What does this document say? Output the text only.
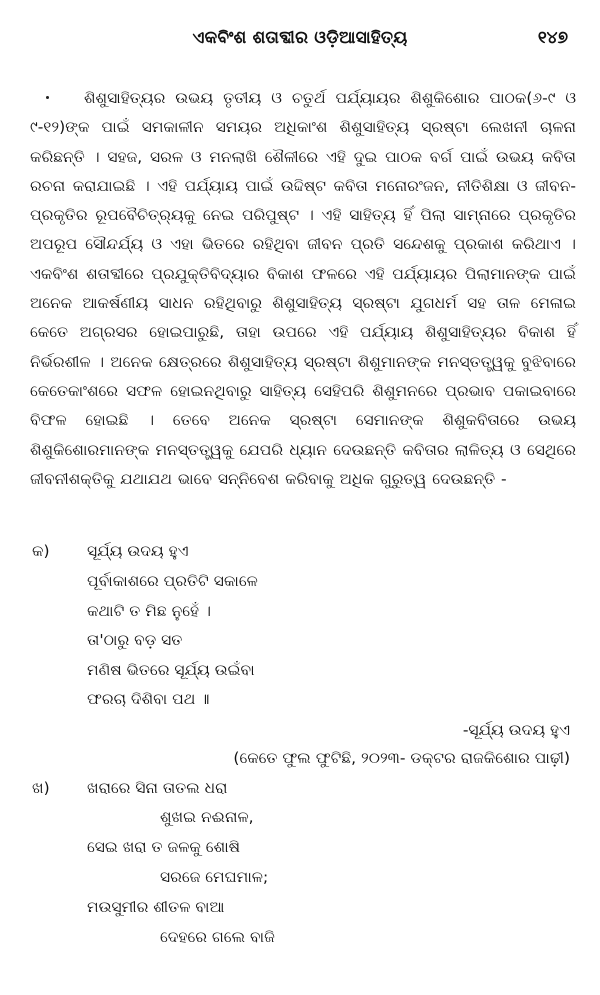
ଏକବିଂଶ ଶତାବ୍ଦୀର ଓଡ଼ିଆସାହିତ୍ୟ	୧୪୭

ଶିଶୁସାହିତ୍ୟର ଉଭୟ ତୃତୀୟ ଓ ଚତୁର୍ଥ ପର୍ଯ୍ୟାୟର ଶିଶୁକିଶୋର ପାଠକ(୬-୯ ଓ ୯-୧୨)ଙ୍କ ପାଇଁ ସମକାଳୀନ ସମୟର ଅଧିକାଂଶ ଶିଶୁସାହିତ୍ୟ ସ୍ରଷ୍ଟା ଲେଖନୀ ଚାଳନା କରିଛନ୍ତି । ସହଜ, ସରଳ ଓ ମନଲାଖି ଶୈଳୀରେ ଏହି ଦୁଇ ପାଠକ ବର୍ଗ ପାଇଁ ଉଭୟ କବିତା ରଚନା କରାଯାଇଛି । ଏହି ପର୍ଯ୍ୟାୟ ପାଇଁ ଉଦ୍ଦିଷ୍ଟ କବିତା ମନୋରଂଜନ, ନୀତିଶିକ୍ଷା ଓ ଜୀବନ-ପ୍ରକୃତିର ରୂପବୈଚିତ୍ର୍ୟକୁ ନେଇ ପରିପୁଷ୍ଟ । ଏହି ସାହିତ୍ୟ ହିଁ ପିଲା ସାମ୍ନାରେ ପ୍ରକୃତିର ଅପରୂପ ସୌନ୍ଦର୍ଯ୍ୟ ଓ ଏହା ଭିତରେ ରହିଥିବା ଜୀବନ ପ୍ରତି ସନ୍ଦେଶକୁ ପ୍ରକାଶ କରିଥାଏ । ଏକବିଂଶ ଶତାବ୍ଦୀରେ ପ୍ରଯୁକ୍ତିବିଦ୍ୟାର ବିକାଶ ଫଳରେ ଏହି ପର୍ଯ୍ୟାୟର ପିଲାମାନଙ୍କ ପାଇଁ ଅନେକ ଆକର୍ଷଣୀୟ ସାଧନ ରହିଥିବାରୁ ଶିଶୁସାହିତ୍ୟ ସ୍ରଷ୍ଟା ଯୁଗଧର୍ମ ସହ ତାଳ ମେଳାଇ କେତେ ଅଗ୍ରସର ହୋଇପାରୁଛି, ତାହା ଉପରେ ଏହି ପର୍ଯ୍ୟାୟ ଶିଶୁସାହିତ୍ୟର ବିକାଶ ହିଁ ନିର୍ଭରଶୀଳ । ଅନେକ କ୍ଷେତ୍ରରେ ଶିଶୁସାହିତ୍ୟ ସ୍ରଷ୍ଟା ଶିଶୁମାନଙ୍କ ମନସ୍ତତ୍ତ୍ୱକୁ ବୁଝିବାରେ କେତେକାଂଶରେ ସଫଳ ହୋଇନଥିବାରୁ ସାହିତ୍ୟ ସେହିପରି ଶିଶୁମନରେ ପ୍ରଭାବ ପକାଇବାରେ ବିଫଳ ହୋଇଛି । ତେବେ ଅନେକ ସ୍ରଷ୍ଟା ସେମାନଙ୍କ ଶିଶୁକବିତାରେ ଉଭୟ ଶିଶୁକିଶୋରମାନଙ୍କ ମନସ୍ତତ୍ତ୍ୱକୁ ଯେପରି ଧ୍ୟାନ ଦେଉଛନ୍ତି କବିତାର ଲାଳିତ୍ୟ ଓ ସେଥିରେ ଜୀବନୀଶକ୍ତିକୁ ଯଥାଯଥ ଭାବେ ସନ୍ନିବେଶ କରିବାକୁ ଅଧିକ ଗୁରୁତ୍ୱ ଦେଉଛନ୍ତି -

କ) ସୂର୍ଯ୍ୟ ଉଦୟ ହୁଏ
ପୂର୍ବାକାଶରେ ପ୍ରତିଟି ସକାଳେ
କଥାଟି ତ ମିଛ ନୁହେଁ ।
ତା'ଠାରୁ ବଡ଼ ସତ
ମଣିଷ ଭିତରେ ସୂର୍ଯ୍ୟ ଉଇଁବା
ଫରଚା ଦିଶିବା ପଥ ॥
-ସୂର୍ଯ୍ୟ ଉଦୟ ହୁଏ
(କେତେ ଫୁଲ ଫୁଟିଛି, ୨୦୨୩- ଡକ୍ଟର ରାଜକିଶୋର ପାଢ଼ୀ)
ଖ) ଖରାରେ ସିନା ତାତଲ ଧରା
ଶୁଖଇ ନଈନାଳ,
ସେଇ ଖରା ତ ଜଳକୁ ଶୋଷି
ସରଜେ ମେଘମାଳ;
ମଉସୁମୀର ଶୀତଳ ବାଆ
ଦେହରେ ଗଲେ ବାଜି
